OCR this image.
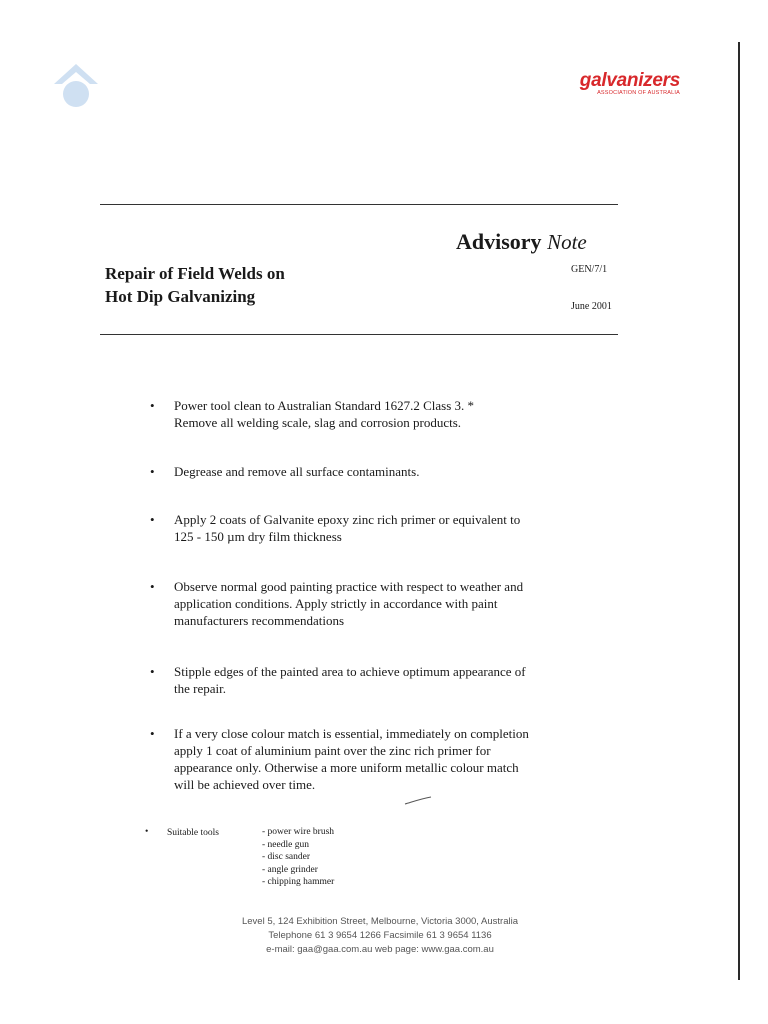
galvanizers
ASSOCIATION OF AUSTRALIA
Advisory Note
GEN/7/1
June 2001
Repair of Field Welds on
Hot Dip Galvanizing
• Power tool clean to Australian Standard 1627.2 Class 3. *
Remove all welding scale, slag and corrosion products.
• Degrease and remove all surface contaminants.
• Apply 2 coats of Galvanite epoxy zinc rich primer or equivalent to
125 - 150 µm dry film thickness
• Observe normal good painting practice with respect to weather and
application conditions. Apply strictly in accordance with paint
manufacturers recommendations
• Stipple edges of the painted area to achieve optimum appearance of
the repair.
• If a very close colour match is essential, immediately on completion
apply 1 coat of aluminium paint over the zinc rich primer for
appearance only. Otherwise a more uniform metallic colour match
will be achieved over time.
• Suitable tools	- power wire brush
- needle gun
- disc sander
- angle grinder
- chipping hammer
Level 5, 124 Exhibition Street, Melbourne, Victoria 3000, Australia
Telephone 61 3 9654 1266 Facsimile 61 3 9654 1136
e-mail: gaa@gaa.com.au web page: www.gaa.com.au
